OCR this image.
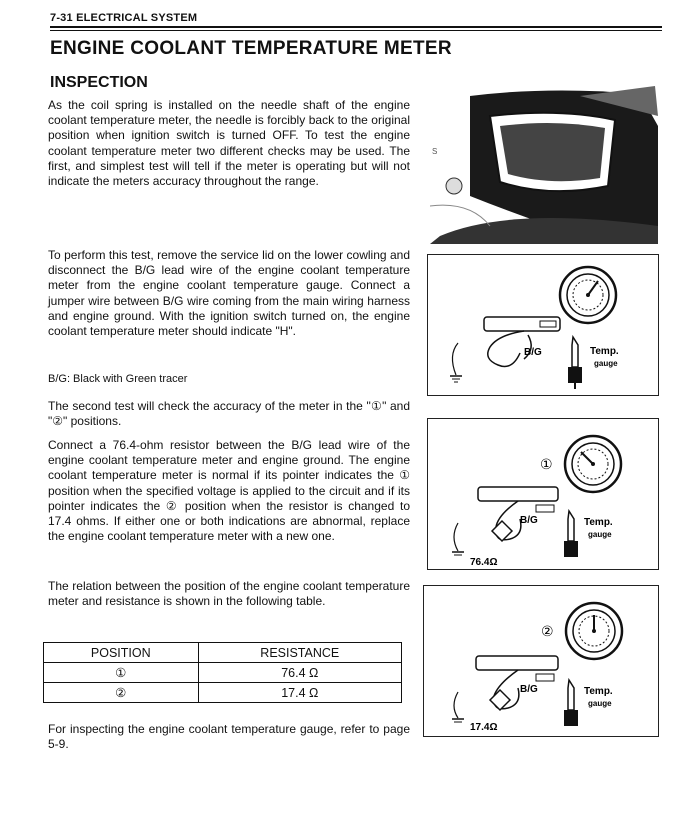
7-31 ELECTRICAL SYSTEM
ENGINE COOLANT TEMPERATURE METER
INSPECTION

As the coil spring is installed on the needle shaft of the engine coolant temperature meter, the needle is forcibly back to the original position when ignition switch is turned OFF. To test the engine coolant temperature meter two different checks may be used. The first, and simplest test will tell if the meter is operating but will not indicate the meters accuracy throughout the range.

To perform this test, remove the service lid on the lower cowling and disconnect the B/G lead wire of the engine coolant temperature meter from the engine coolant temperature gauge. Connect a jumper wire between B/G wire coming from the main wiring harness and engine ground. With the ignition switch turned on, the engine coolant temperature meter should indicate "H".

B/G: Black with Green tracer

The second test will check the accuracy of the meter in the "①" and "②" positions.

Connect a 76.4-ohm resistor between the B/G lead wire of the engine coolant temperature meter and engine ground. The engine coolant temperature meter is normal if its pointer indicates the ① position when the specified voltage is applied to the circuit and if its pointer indicates the ② position when the resistor is changed to 17.4 ohms. If either one or both indications are abnormal, replace the engine coolant temperature meter with a new one.

The relation between the position of the engine coolant temperature meter and resistance is shown in the following table.

POSITION	RESISTANCE
①	76.4 Ω
②	17.4 Ω

For inspecting the engine coolant temperature gauge, refer to page 5-9.

S
B/G	Temp.
gauge
①
B/G
76.4Ω
Temp.
gauge
②
B/G
17.4Ω
Temp.
gauge
